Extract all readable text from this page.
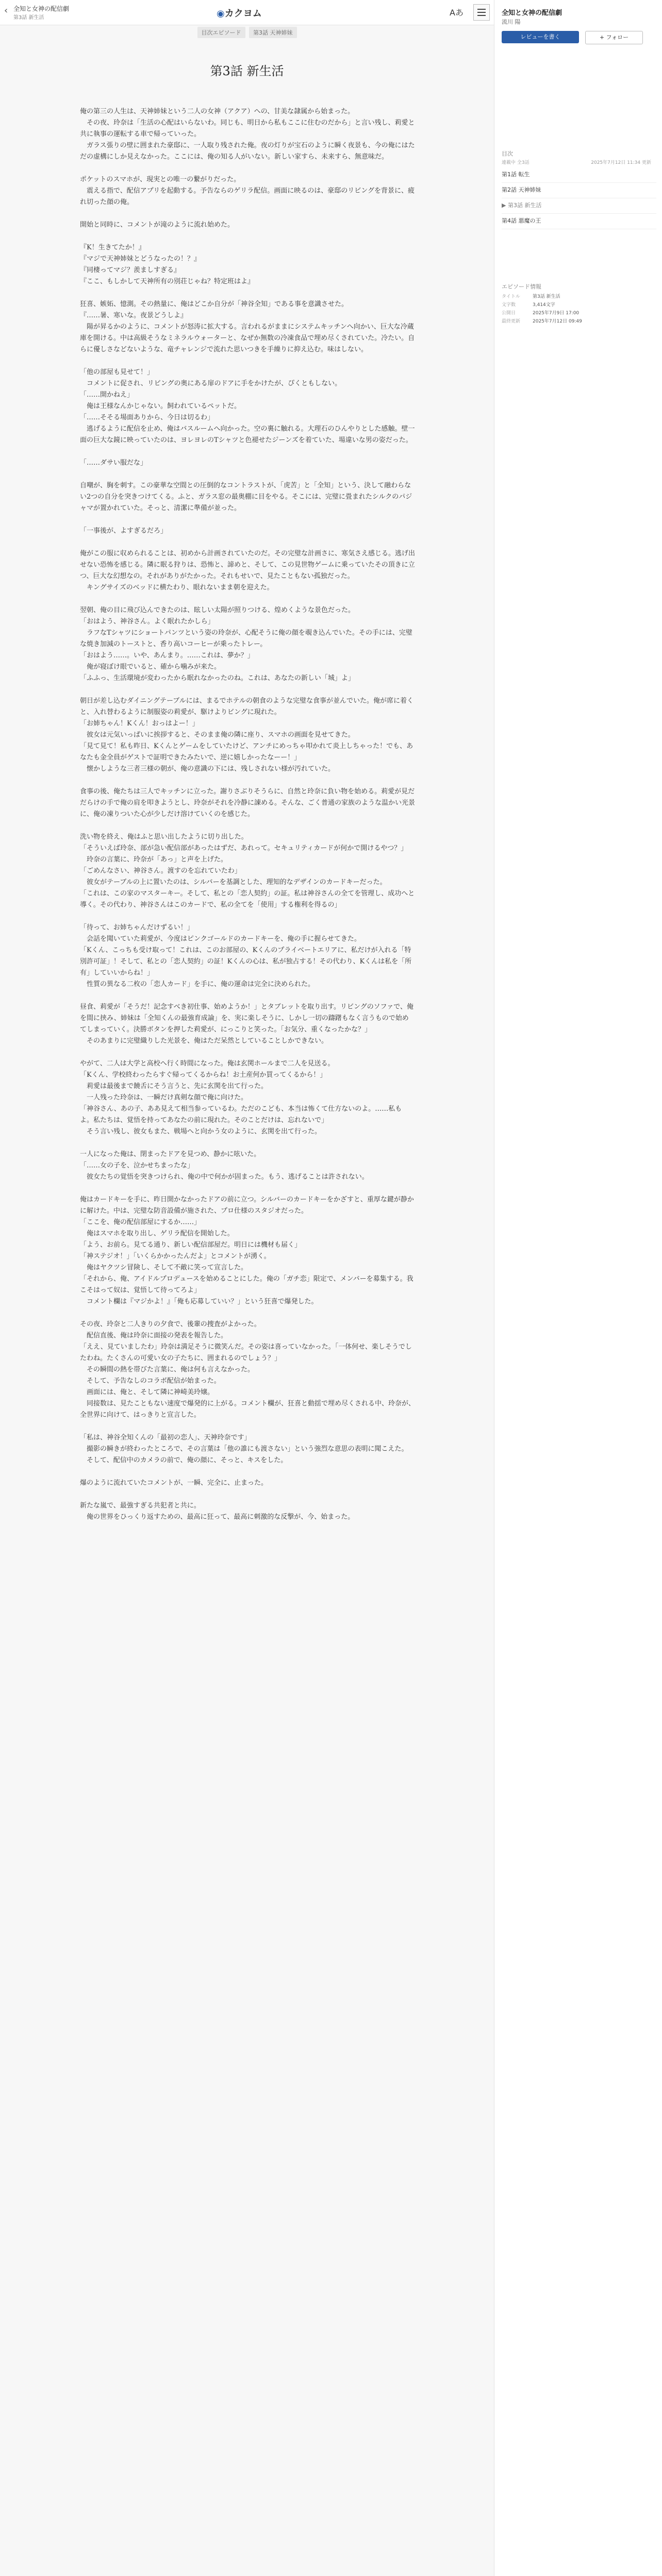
目次エピソード 第3話 天神姉妹
第3話 新生活

俺の第三の人生は、天神姉妹という二人の女神（アクア）への、甘美な隷属から始まった。
　その夜、玲奈は「生活の心配はいらないわ。同じも、明日から私もここに住むのだから」と言い残し、莉愛と共に執事の運転する車で帰っていった。
　ガラス張りの壁に囲まれた豪邸に、一人取り残された俺。夜の灯りが宝石のように瞬く夜景も、今の俺にはただの虚構にしか見えなかった。ここには、俺の知る人がいない。新しい家すら、未来すら、無意味だ。

ポケットのスマホが、現実との唯一の繋がりだった。
　震える指で、配信アプリを起動する。予告ならのゲリラ配信。画面に映るのは、豪邸のリビングを背景に、疲れ切った顔の俺。

開始と同時に、コメントが滝のように流れ始めた。

『K！生きてたか！』
『マジで天神姉妹とどうなったの！？』
『同棲ってマジ？羨ましすぎる』
『ここ、もしかして天神所有の別荘じゃね？特定班はよ』

狂喜、嫉妬、憶測。その熱量に、俺はどこか自分が「神谷全知」である事を意識させた。
『……暑、寒いな。夜景どうしよ』
　陽が昇るかのように、コメントが怒涛に拡大する。言われるがままにシステムキッチンへ向かい、巨大な冷蔵庫を開ける。中は高級そうなミネラルウォーターと、なぜか無数の冷凍食品で埋め尽くされていた。冷たい。自らに優しさなどないような、竜チャレンジで流れた思いつきを手繰りに抑え込む。味はしない。

「他の部屋も見せて！」
　コメントに促され、リビングの奥にある扉のドアに手をかけたが、ぴくともしない。
「……開かねえ」
　俺は王様なんかじゃない。飼われているペットだ。
「……そそる場面ありから、今日は切るわ」
　逃げるように配信を止め、俺はバスルームへ向かった。空の裏に触れる。大理石のひんやりとした感触。壁一面の巨大な鏡に映っていたのは、ヨレヨレのTシャツと色褪せたジーンズを着ていた、場違いな男の姿だった。

「……ダサい服だな」

自嘲が、胸を刺す。この豪華な空間との圧倒的なコントラストが、「虎苦」と「全知」という、決して融わらない2つの自分を突きつけてくる。ふと、ガラス窓の最奥棚に目をやる。そこには、完璧に畳まれたシルクのパジャマが置かれていた。そっと、清潔に準備が並った。

「一事後が、よすぎるだろ」

俺がこの服に収められることは、初めから計画されていたのだ。その完璧な計画さに、寒気さえ感じる。逃げ出せない恐怖を感じる。隣に眠る狩りは、恐怖と、諦めと、そして、この見世物ゲームに乗っていたその頂きに立つ、巨大な幻想なの。それがありがたかった。それもせいで、見たこともない孤独だった。
　キングサイズのベッドに横たわり、眼れないまま朝を迎えた。

翌朝、俺の目に飛び込んできたのは、眩しい太陽が照りつける、煌めくような景色だった。
「おはよう、神谷さん。よく眠れたかしら」
　ラフなTシャツにショートパンツという姿の玲奈が、心配そうに俺の顔を覗き込んでいた。その手には、完璧な焼き加減のトーストと、香り高いコーヒーが乗ったトレー。
「おはよう……。いや、あんまり。……これは、夢か？」
　俺が寝ぼけ眼でいると、確から噛みが来た。
「ふふっ、生活環境が変わったから眠れなかったのね。これは、あなたの新しい「城」よ」

朝日が差し込むダイニングテーブルには、まるでホテルの朝食のような完璧な食事が並んでいた。俺が席に着くと、入れ替わるように制服姿の莉愛が、駆けよりビングに現れた。
「お姉ちゃん！Kくん！おっはよー！」
　彼女は元気いっぱいに挨拶すると、そのまま俺の隣に座り、スマホの画面を見せてきた。
「見て見て！私も昨日、Kくんとゲームをしていたけど、アンチにめっちゃ叩かれて炎上しちゃった！でも、あなたも金全員がゲストで証明できたみたいで、逆に嬉しかったなーー！」
　懐かしような三者三様の朝が、俺の意識の下には、残しされない様が汚れていた。

食事の後、俺たちは三人でキッチンに立った。謝りさぶりそうらに、自然と玲奈に負い物を始める。莉愛が見だだらけの手で俺の肩を叩きようとし、玲奈がそれを冷静に諌める。そんな、ごく普通の家族のような温かい光景に、俺の凍りついた心が少しだけ溶けていくのを感じた。

洗い物を終え、俺はふと思い出したように切り出した。
「そういえば玲奈、部が急い配信部があったはずだ、あれって。セキュリティカードが何かで開けるやつ？」
　玲奈の言葉に、玲奈が「あっ」と声を上げた。
「ごめんなさい、神谷さん。渡すのを忘れていたわ」
　彼女がテーブルの上に置いたのは、シルバーを基調とした、理知的なデザインのカードキーだった。
「これは、この家のマスターキー。そして、私との「恋人契約」の証。私は神谷さんの全てを管理し、成功へと導く。その代わり、神谷さんはこのカードで、私の全てを「使用」する権利を得るの」

「待って、お姉ちゃんだけずるい！」
　会話を聞いていた莉愛が、今度はピンクゴールドのカードキーを、俺の手に握らせてきた。
「Kくん、こっちも受け取って！これは、このお部屋の、Kくんのプライベートエリアに、私だけが入れる「特別許可証」！そして、私との「恋人契約」の証！Kくんの心は、私が独占する！その代わり、Kくんは私を「所有」していいからね！」
　性質の異なる二枚の「恋人カード」を手に、俺の運命は完全に決められた。

昼食、莉愛が「そうだ！記念すべき初仕事、始めようか！」とタブレットを取り出す。リビングのソファで、俺を間に挟み、姉妹は「全知くんの最強育成論」を、実に楽しそうに、しかし一切の躊躇もなく言うもので始めてしまっていく。決勝ボタンを押した莉愛が、にっこりと笑った。「お気分、重くなったかな？」
　そのあまりに完璧織りした光景を、俺はただ呆然としていることしかできない。

やがて、二人は大学と高校へ行く時間になった。俺は玄関ホールまで二人を見送る。
「Kくん、学校終わったらすぐ帰ってくるからね！お土産何か買ってくるから！」
　莉愛は最後まで饒舌にそう言うと、先に玄関を出て行った。
　一人残った玲奈は、一瞬だけ真剣な顔で俺に向けた。
「神谷さん、あの子、ああ見えて相当参っているわ。ただのこども、本当は怖くて仕方ないのよ。……私もよ。私たちは、覚悟を持ってあなたの前に現れた。そのことだけは、忘れないで」
　そう言い残し、彼女もまた、戦場へと向かう女のように、玄関を出て行った。

一人になった俺は、閉まったドアを見つめ、静かに呟いた。
「……女の子を、泣かせちまったな」
　彼女たちの覚悟を突きつけられ、俺の中で何かが固まった。もう、逃げることは許されない。

俺はカードキーを手に、昨日開かなかったドアの前に立つ。シルバーのカードキーをかざすと、重厚な鍵が静かに解けた。中は、完璧な防音設備が施された、プロ仕様のスタジオだった。
「ここを、俺の配信部屋にするか……」
　俺はスマホを取り出し、ゲリラ配信を開始した。
「よう、お前ら。見てる通り、新しい配信部屋だ。明日には機材も届く」
「神ステジオ！」「いくらかかったんだよ」とコメントが湧く。
　俺はヤクツシ冒険し、そして不敵に笑って宣言した。
「それから、俺、アイドルプロデュースを始めることにした。俺の「ガチ恋」限定で、メンバーを募集する。我こそはって奴は、覚悟して待ってろよ」
　コメント欄は『マジかよ！』「俺も応募していい？」という狂喜で爆発した。

その夜、玲奈と二人きりの夕食で、後輩の捜査がよかった。
　配信直後、俺は玲奈に面接の発表を報告した。
「ええ、見ていましたわ」玲奈は満足そうに微笑んだ。その姿は喜っていなかった。「一体何せ、楽しそうでしたわね。たくさんの可愛い女の子たちに、囲まれるのでしょう？」
　その瞬間の熱を帯びた言葉に、俺は何も言えなかった。
　そして、予告なしのコラボ配信が始まった。
　画面には、俺と、そして隣に神崎美玲嬢。
　同接数は、見たこともない速度で爆発的に上がる。コメント欄が、狂喜と動揺で埋め尽くされる中、玲奈が、全世界に向けて、はっきりと宣言した。

「私は、神谷全知くんの「最初の恋人」、天神玲奈です」
　撮影の瞬きが終わったところで、その言葉は「他の誰にも渡さない」という強烈な意思の表明に聞こえた。
　そして、配信中のカメラの前で、俺の顔に、そっと、キスをした。

爆のように流れていたコメントが、一瞬、完全に、止まった。

新たな嵐で、最強すぎる共犯者と共に。
　俺の世界をひっくり返すための、最高に狂って、最高に刺激的な反撃が、今、始まった。

‹ 全知と女神の配信劇
第3話 新生活	◉カクヨム	Aあ	全知と女神の配信劇
流川 陽
レビューを書く	+ フォロー
目次
連載中 全3話	2025年7月12日 11:34 更新
第1話 転生
第2話 天神姉妹
▶ 第3話 新生活
第4話 悪魔の王
エピソード情報
タイトル	第3話 新生活
文字数	3,414文字
公開日	2025年7月9日 17:00
最終更新	2025年7月12日 09:49
